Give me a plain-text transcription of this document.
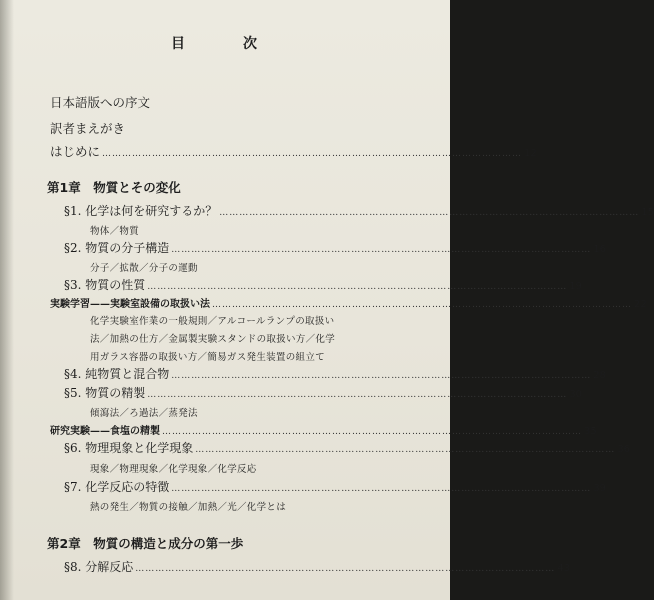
目　次
日本語版への序文
訳者まえがき
はじめに ……………………………………………………………………………………………………………… 12
第1章　物質とその変化
§1. 化学は何を研究するか？ ……………………………………………………………………………………………………………… 15
物体／物質
§2. 物質の分子構造 ……………………………………………………………………………………………………………… 16
分子／拡散／分子の運動
§3. 物質の性質 ……………………………………………………………………………………………………………… 19
実験学習——実験室設備の取扱い法 ……………………………………………………………………………………………………………… 22
化学実験室作業の一般規則／アルコールランプの取扱い
法／加熱の仕方／金属製実験スタンドの取扱い方／化学
用ガラス容器の取扱い方／簡易ガス発生装置の組立て
§4. 純物質と混合物 ……………………………………………………………………………………………………………… 28
§5. 物質の精製 ……………………………………………………………………………………………………………… 30
傾瀉法／ろ過法／蒸発法
研究実験——食塩の精製 ……………………………………………………………………………………………………………… 35
§6. 物理現象と化学現象 ……………………………………………………………………………………………………………… 36
現象／物理現象／化学現象／化学反応
§7. 化学反応の特徴 ……………………………………………………………………………………………………………… 39
熱の発生／物質の接触／加熱／光／化学とは
第2章　物質の構造と成分の第一歩
§8. 分解反応 ……………………………………………………………………………………………………………… 43
